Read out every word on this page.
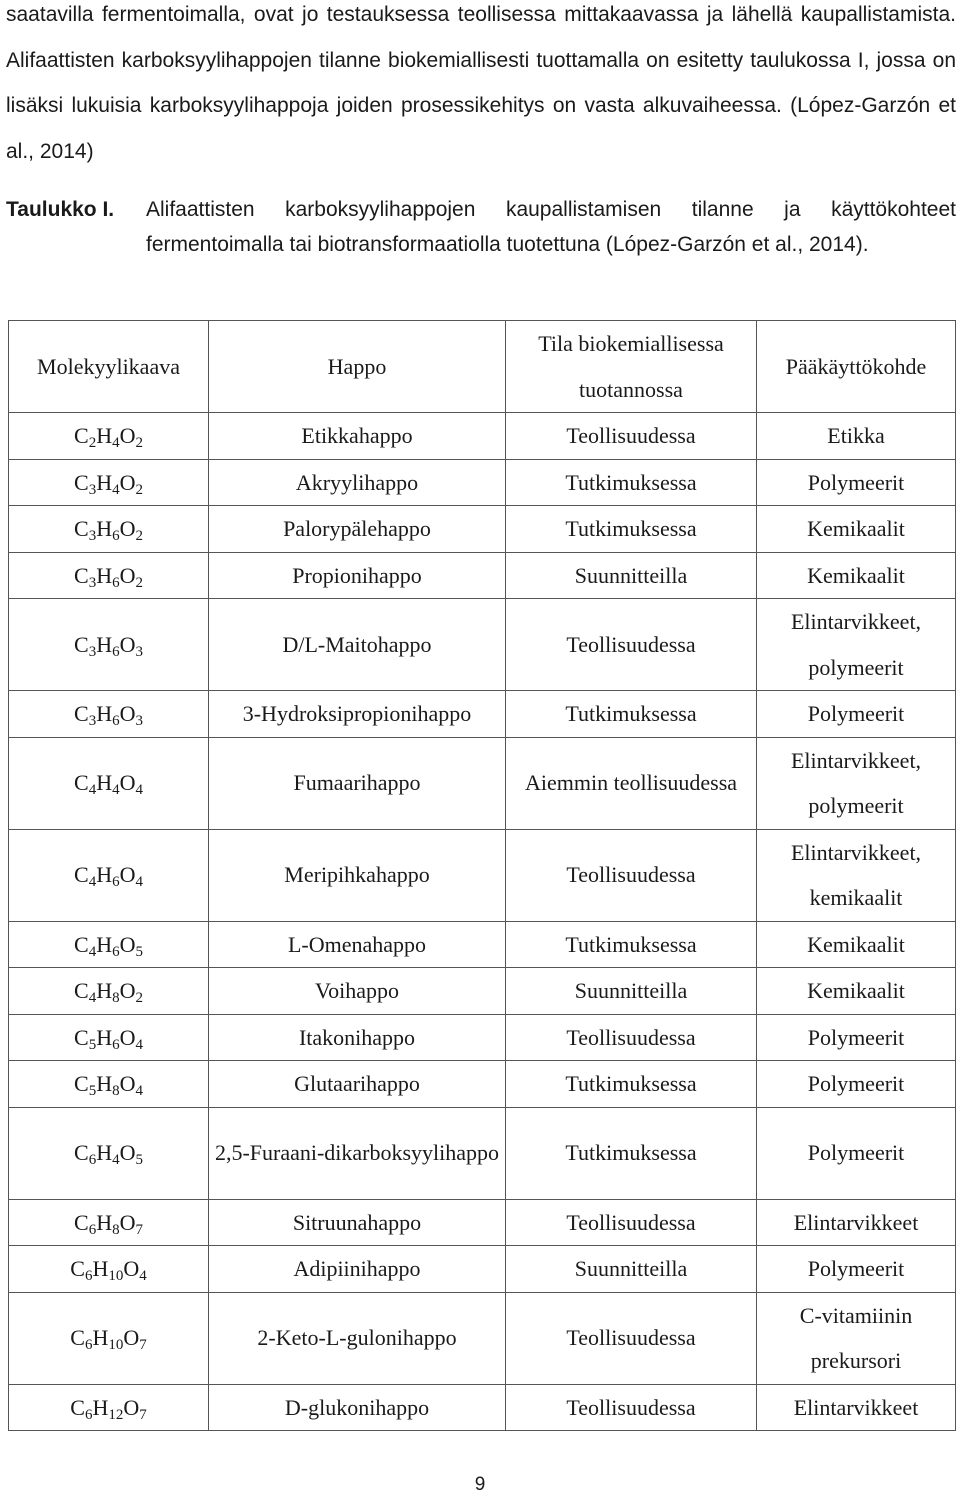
saatavilla fermentoimalla, ovat jo testauksessa teollisessa mittakaavassa ja lähellä kaupallistamista. Alifaattisten karboksyylihappojen tilanne biokemiallisesti tuottamalla on esitetty taulukossa I, jossa on lisäksi lukuisia karboksyylihappoja joiden prosessikehitys on vasta alkuvaiheessa. (López-Garzón et al., 2014)
Taulukko I.	Alifaattisten karboksyylihappojen kaupallistamisen tilanne ja käyttökohteet fermentoimalla tai biotransformaatiolla tuotettuna (López-Garzón et al., 2014).
Molekyylikaava	Happo	Tila biokemiallisessa tuotannossa	Pääkäyttökohde
$C_2H_4O_2$	Etikkahappo	Teollisuudessa	Etikka
$C_3H_4O_2$	Akryylihappo	Tutkimuksessa	Polymeerit
$C_3H_6O_2$	Palorypälehappo	Tutkimuksessa	Kemikaalit
$C_3H_6O_2$	Propionihappo	Suunnitteilla	Kemikaalit
$C_3H_6O_3$	D/L-Maitohappo	Teollisuudessa	Elintarvikkeet, polymeerit
$C_3H_6O_3$	3-Hydroksipropionihappo	Tutkimuksessa	Polymeerit
$C_4H_4O_4$	Fumaarihappo	Aiemmin teollisuudessa	Elintarvikkeet, polymeerit
$C_4H_6O_4$	Meripihkahappo	Teollisuudessa	Elintarvikkeet, kemikaalit
$C_4H_6O_5$	L-Omenahappo	Tutkimuksessa	Kemikaalit
$C_4H_8O_2$	Voihappo	Suunnitteilla	Kemikaalit
$C_5H_6O_4$	Itakonihappo	Teollisuudessa	Polymeerit
$C_5H_8O_4$	Glutaarihappo	Tutkimuksessa	Polymeerit
$C_6H_4O_5$	2,5-Furaani-dikarboksyylihappo	Tutkimuksessa	Polymeerit
$C_6H_8O_7$	Sitruunahappo	Teollisuudessa	Elintarvikkeet
$C_6H_{10}O_4$	Adipiinihappo	Suunnitteilla	Polymeerit
$C_6H_{10}O_7$	2-Keto-L-gulonihappo	Teollisuudessa	C-vitamiinin prekursori
$C_6H_{12}O_7$	D-glukonihappo	Teollisuudessa	Elintarvikkeet
9
